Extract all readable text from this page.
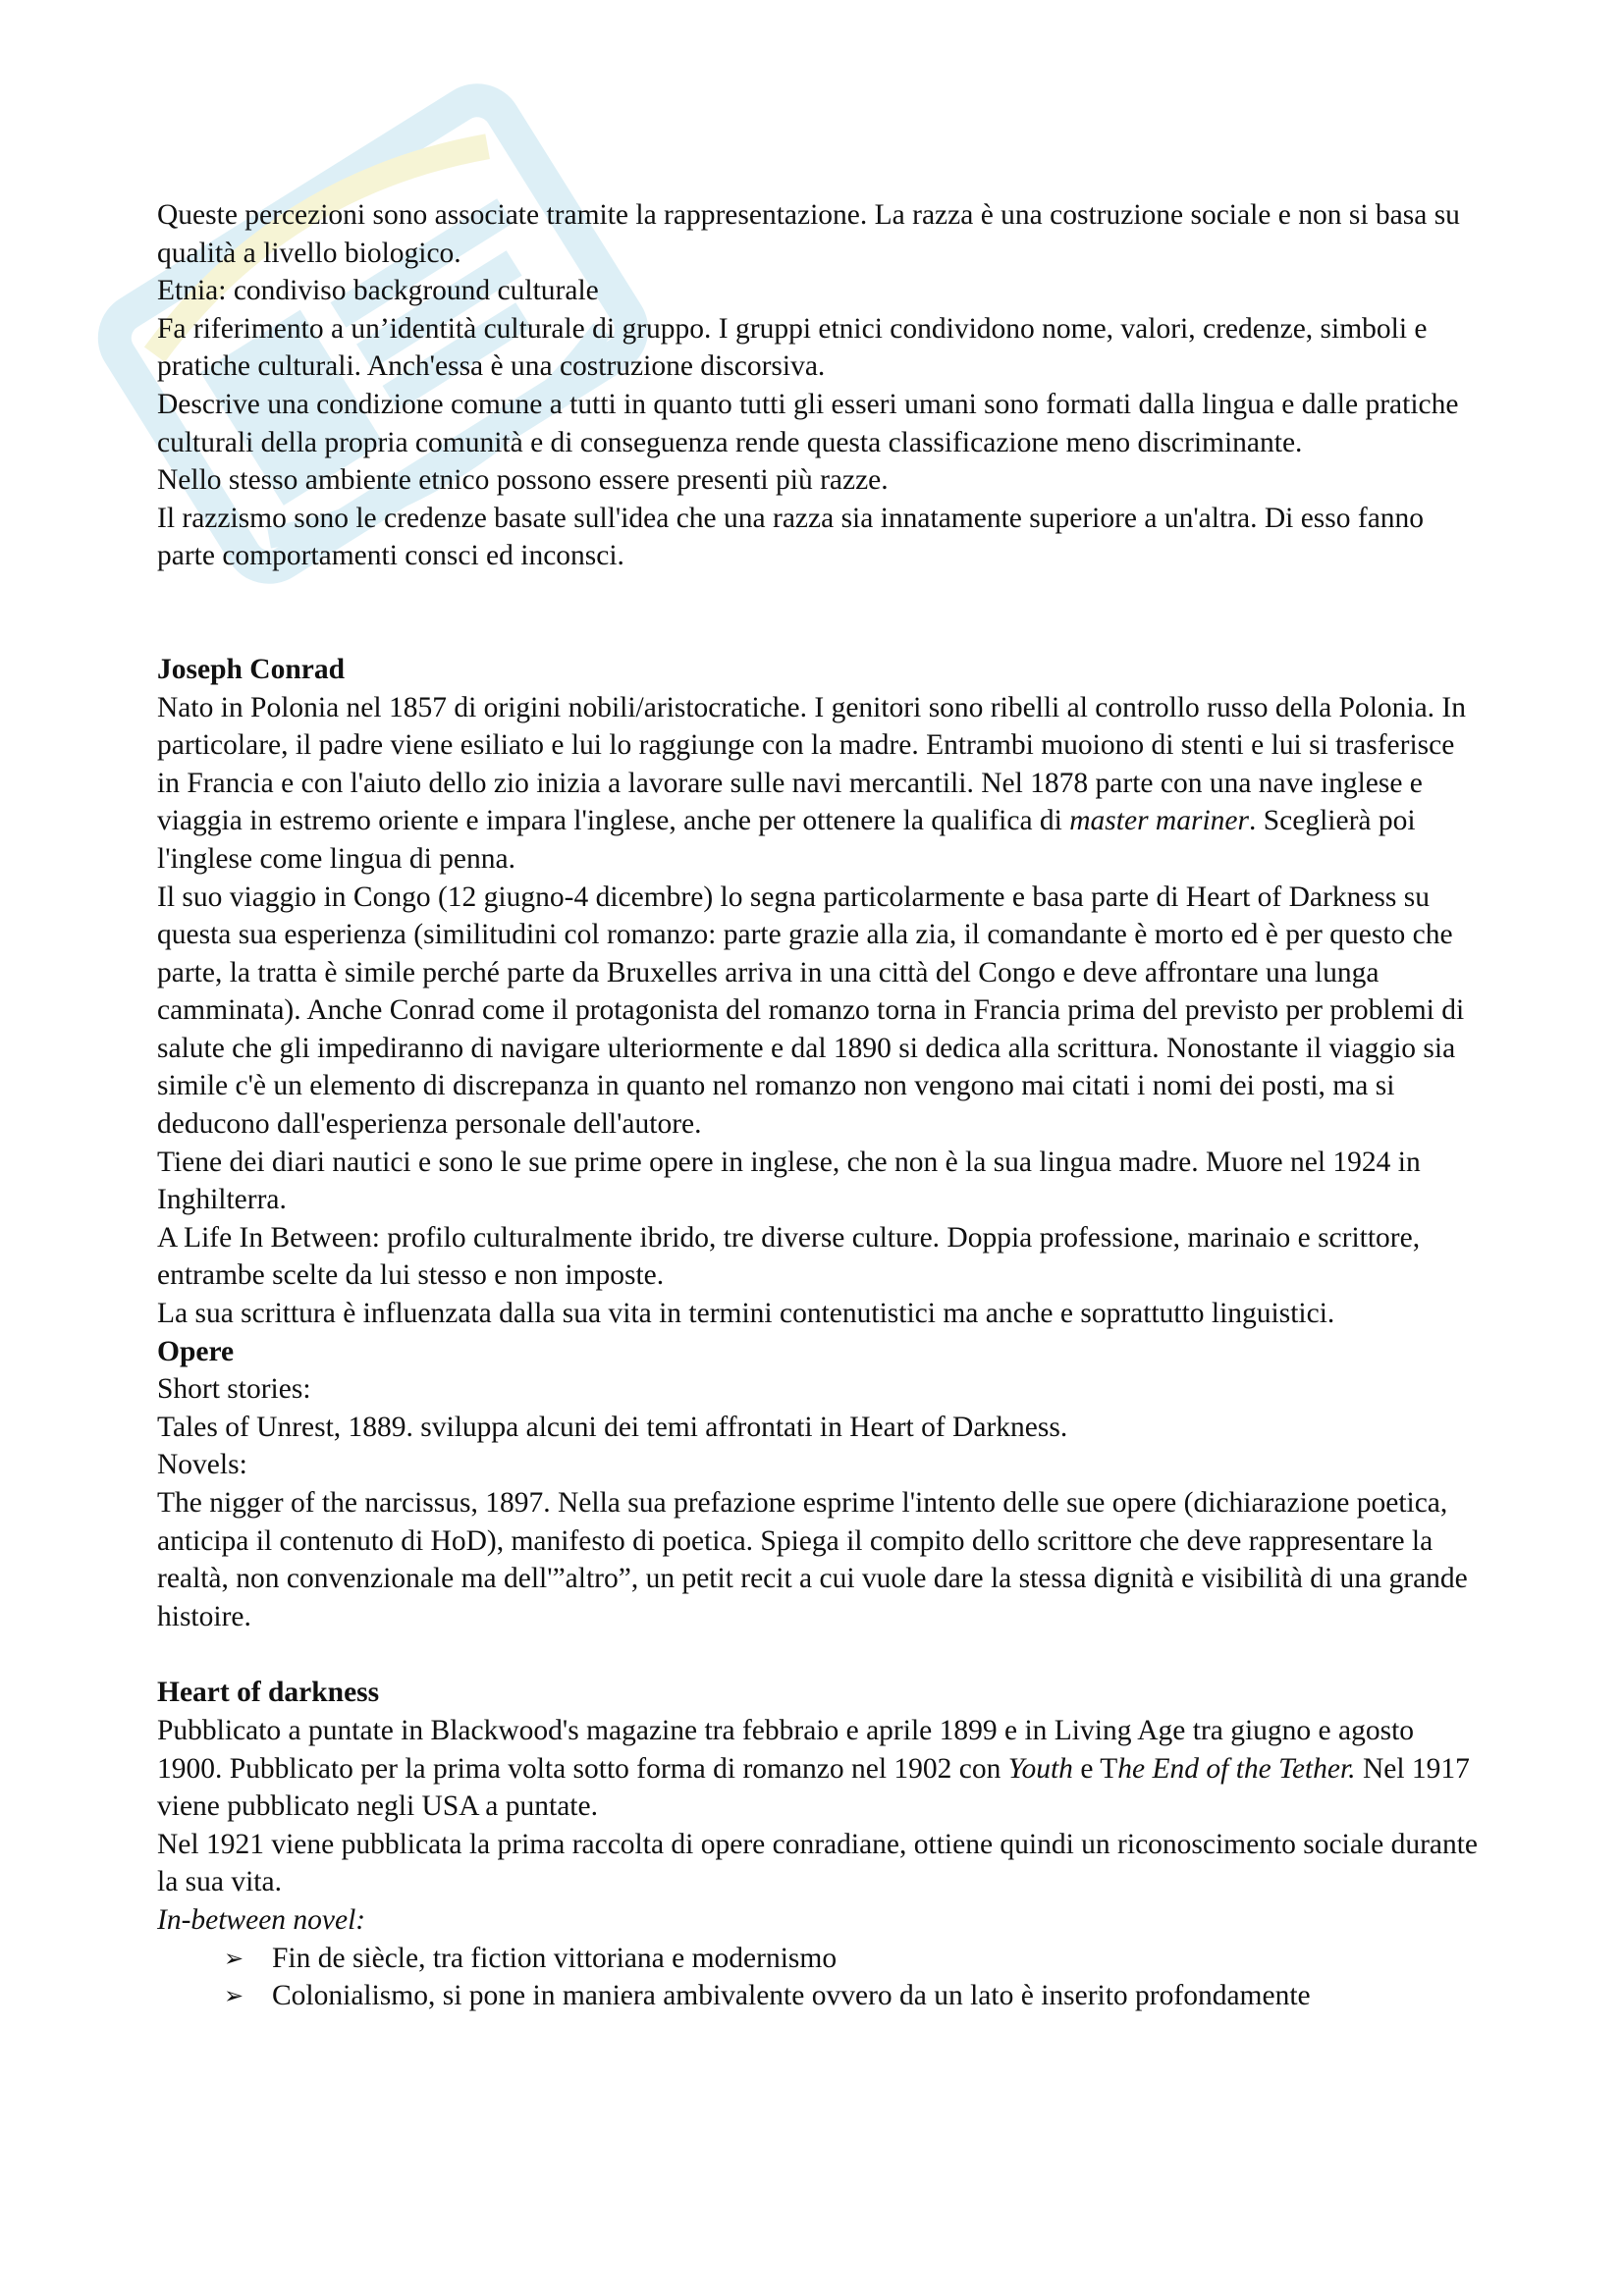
Queste percezioni sono associate tramite la rappresentazione. La razza è una costruzione sociale e non si basa su qualità a livello biologico.

Etnia: condiviso background culturale

Fa riferimento a un’identità culturale di gruppo. I gruppi etnici condividono nome, valori, credenze, simboli e pratiche culturali. Anch'essa è una costruzione discorsiva.

Descrive una condizione comune a tutti in quanto tutti gli esseri umani sono formati dalla lingua e dalle pratiche culturali della propria comunità e di conseguenza rende questa classificazione meno discriminante.

Nello stesso ambiente etnico possono essere presenti più razze.

Il razzismo sono le credenze basate sull'idea che una razza sia innatamente superiore a un'altra. Di esso fanno parte comportamenti consci ed inconsci.

Joseph Conrad

Nato in Polonia nel 1857 di origini nobili/aristocratiche. I genitori sono ribelli al controllo russo della Polonia. In particolare, il padre viene esiliato e lui lo raggiunge con la madre. Entrambi muoiono di stenti e lui si trasferisce in Francia e con l'aiuto dello zio inizia a lavorare sulle navi mercantili. Nel 1878 parte con una nave inglese e viaggia in estremo oriente e impara l'inglese, anche per ottenere la qualifica di master mariner. Sceglierà poi l'inglese come lingua di penna.

Il suo viaggio in Congo (12 giugno-4 dicembre) lo segna particolarmente e basa parte di Heart of Darkness su questa sua esperienza (similitudini col romanzo: parte grazie alla zia, il comandante è morto ed è per questo che parte, la tratta è simile perché parte da Bruxelles arriva in una città del Congo e deve affrontare una lunga camminata). Anche Conrad come il protagonista del romanzo torna in Francia prima del previsto per problemi di salute che gli impediranno di navigare ulteriormente e dal 1890 si dedica alla scrittura. Nonostante il viaggio sia simile c'è un elemento di discrepanza in quanto nel romanzo non vengono mai citati i nomi dei posti, ma si deducono dall'esperienza personale dell'autore.

Tiene dei diari nautici e sono le sue prime opere in inglese, che non è la sua lingua madre. Muore nel 1924 in Inghilterra.

A Life In Between: profilo culturalmente ibrido, tre diverse culture. Doppia professione, marinaio e scrittore, entrambe scelte da lui stesso e non imposte.

La sua scrittura è influenzata dalla sua vita in termini contenutistici ma anche e soprattutto linguistici.

Opere

Short stories:

Tales of Unrest, 1889. sviluppa alcuni dei temi affrontati in Heart of Darkness.

Novels:

The nigger of the narcissus, 1897. Nella sua prefazione esprime l'intento delle sue opere (dichiarazione poetica, anticipa il contenuto di HoD), manifesto di poetica. Spiega il compito dello scrittore che deve rappresentare la realtà, non convenzionale ma dell'”altro”, un petit recit a cui vuole dare la stessa dignità e visibilità di una grande histoire.

Heart of darkness

Pubblicato a puntate in Blackwood's magazine tra febbraio e aprile 1899 e in Living Age tra giugno e agosto 1900. Pubblicato per la prima volta sotto forma di romanzo nel 1902 con Youth e The End of the Tether. Nel 1917 viene pubblicato negli USA a puntate.

Nel 1921 viene pubblicata la prima raccolta di opere conradiane, ottiene quindi un riconoscimento sociale durante la sua vita.

In-between novel:

➢ Fin de siècle, tra fiction vittoriana e modernismo
➢ Colonialismo, si pone in maniera ambivalente ovvero da un lato è inserito profondamente
